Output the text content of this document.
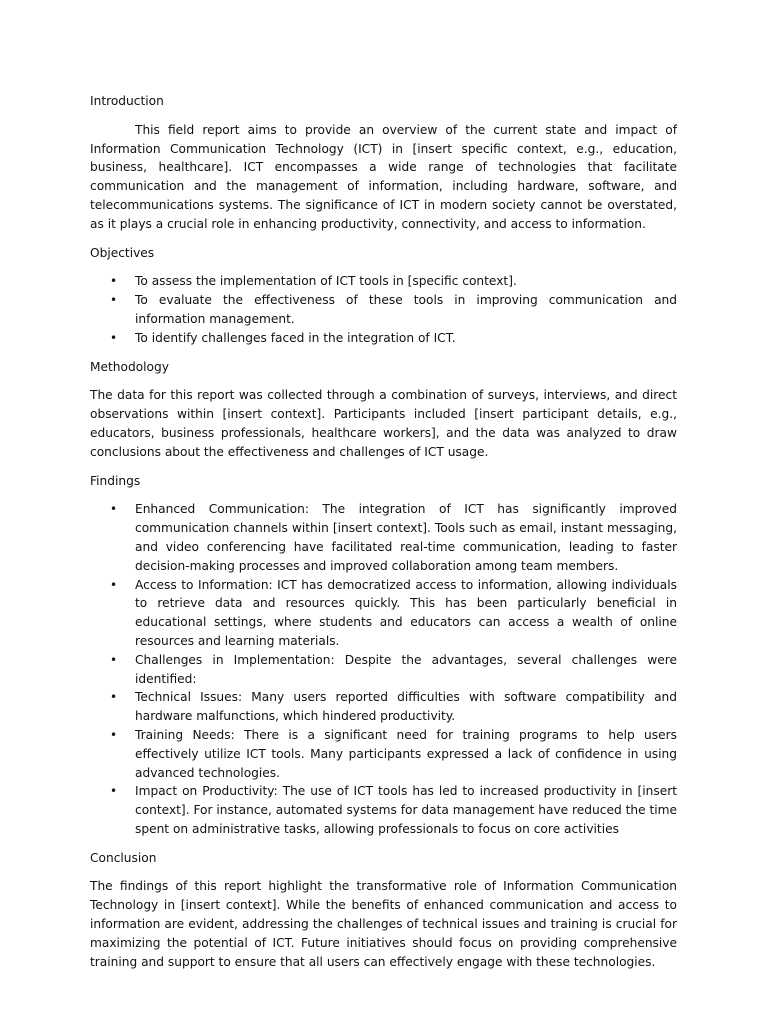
Introduction

This field report aims to provide an overview of the current state and impact of Information Communication Technology (ICT) in [insert specific context, e.g., education, business, healthcare]. ICT encompasses a wide range of technologies that facilitate communication and the management of information, including hardware, software, and telecommunications systems. The significance of ICT in modern society cannot be overstated, as it plays a crucial role in enhancing productivity, connectivity, and access to information.

Objectives
• To assess the implementation of ICT tools in [specific context].
• To evaluate the effectiveness of these tools in improving communication and information management.
• To identify challenges faced in the integration of ICT.
Methodology

The data for this report was collected through a combination of surveys, interviews, and direct observations within [insert context]. Participants included [insert participant details, e.g., educators, business professionals, healthcare workers], and the data was analyzed to draw conclusions about the effectiveness and challenges of ICT usage.

Findings
• Enhanced Communication: The integration of ICT has significantly improved communication channels within [insert context]. Tools such as email, instant messaging, and video conferencing have facilitated real-time communication, leading to faster decision-making processes and improved collaboration among team members.
• Access to Information: ICT has democratized access to information, allowing individuals to retrieve data and resources quickly. This has been particularly beneficial in educational settings, where students and educators can access a wealth of online resources and learning materials.
• Challenges in Implementation: Despite the advantages, several challenges were identified:
• Technical Issues: Many users reported difficulties with software compatibility and hardware malfunctions, which hindered productivity.
• Training Needs: There is a significant need for training programs to help users effectively utilize ICT tools. Many participants expressed a lack of confidence in using advanced technologies.
• Impact on Productivity: The use of ICT tools has led to increased productivity in [insert context]. For instance, automated systems for data management have reduced the time spent on administrative tasks, allowing professionals to focus on core activities
Conclusion

The findings of this report highlight the transformative role of Information Communication Technology in [insert context]. While the benefits of enhanced communication and access to information are evident, addressing the challenges of technical issues and training is crucial for maximizing the potential of ICT. Future initiatives should focus on providing comprehensive training and support to ensure that all users can effectively engage with these technologies.
